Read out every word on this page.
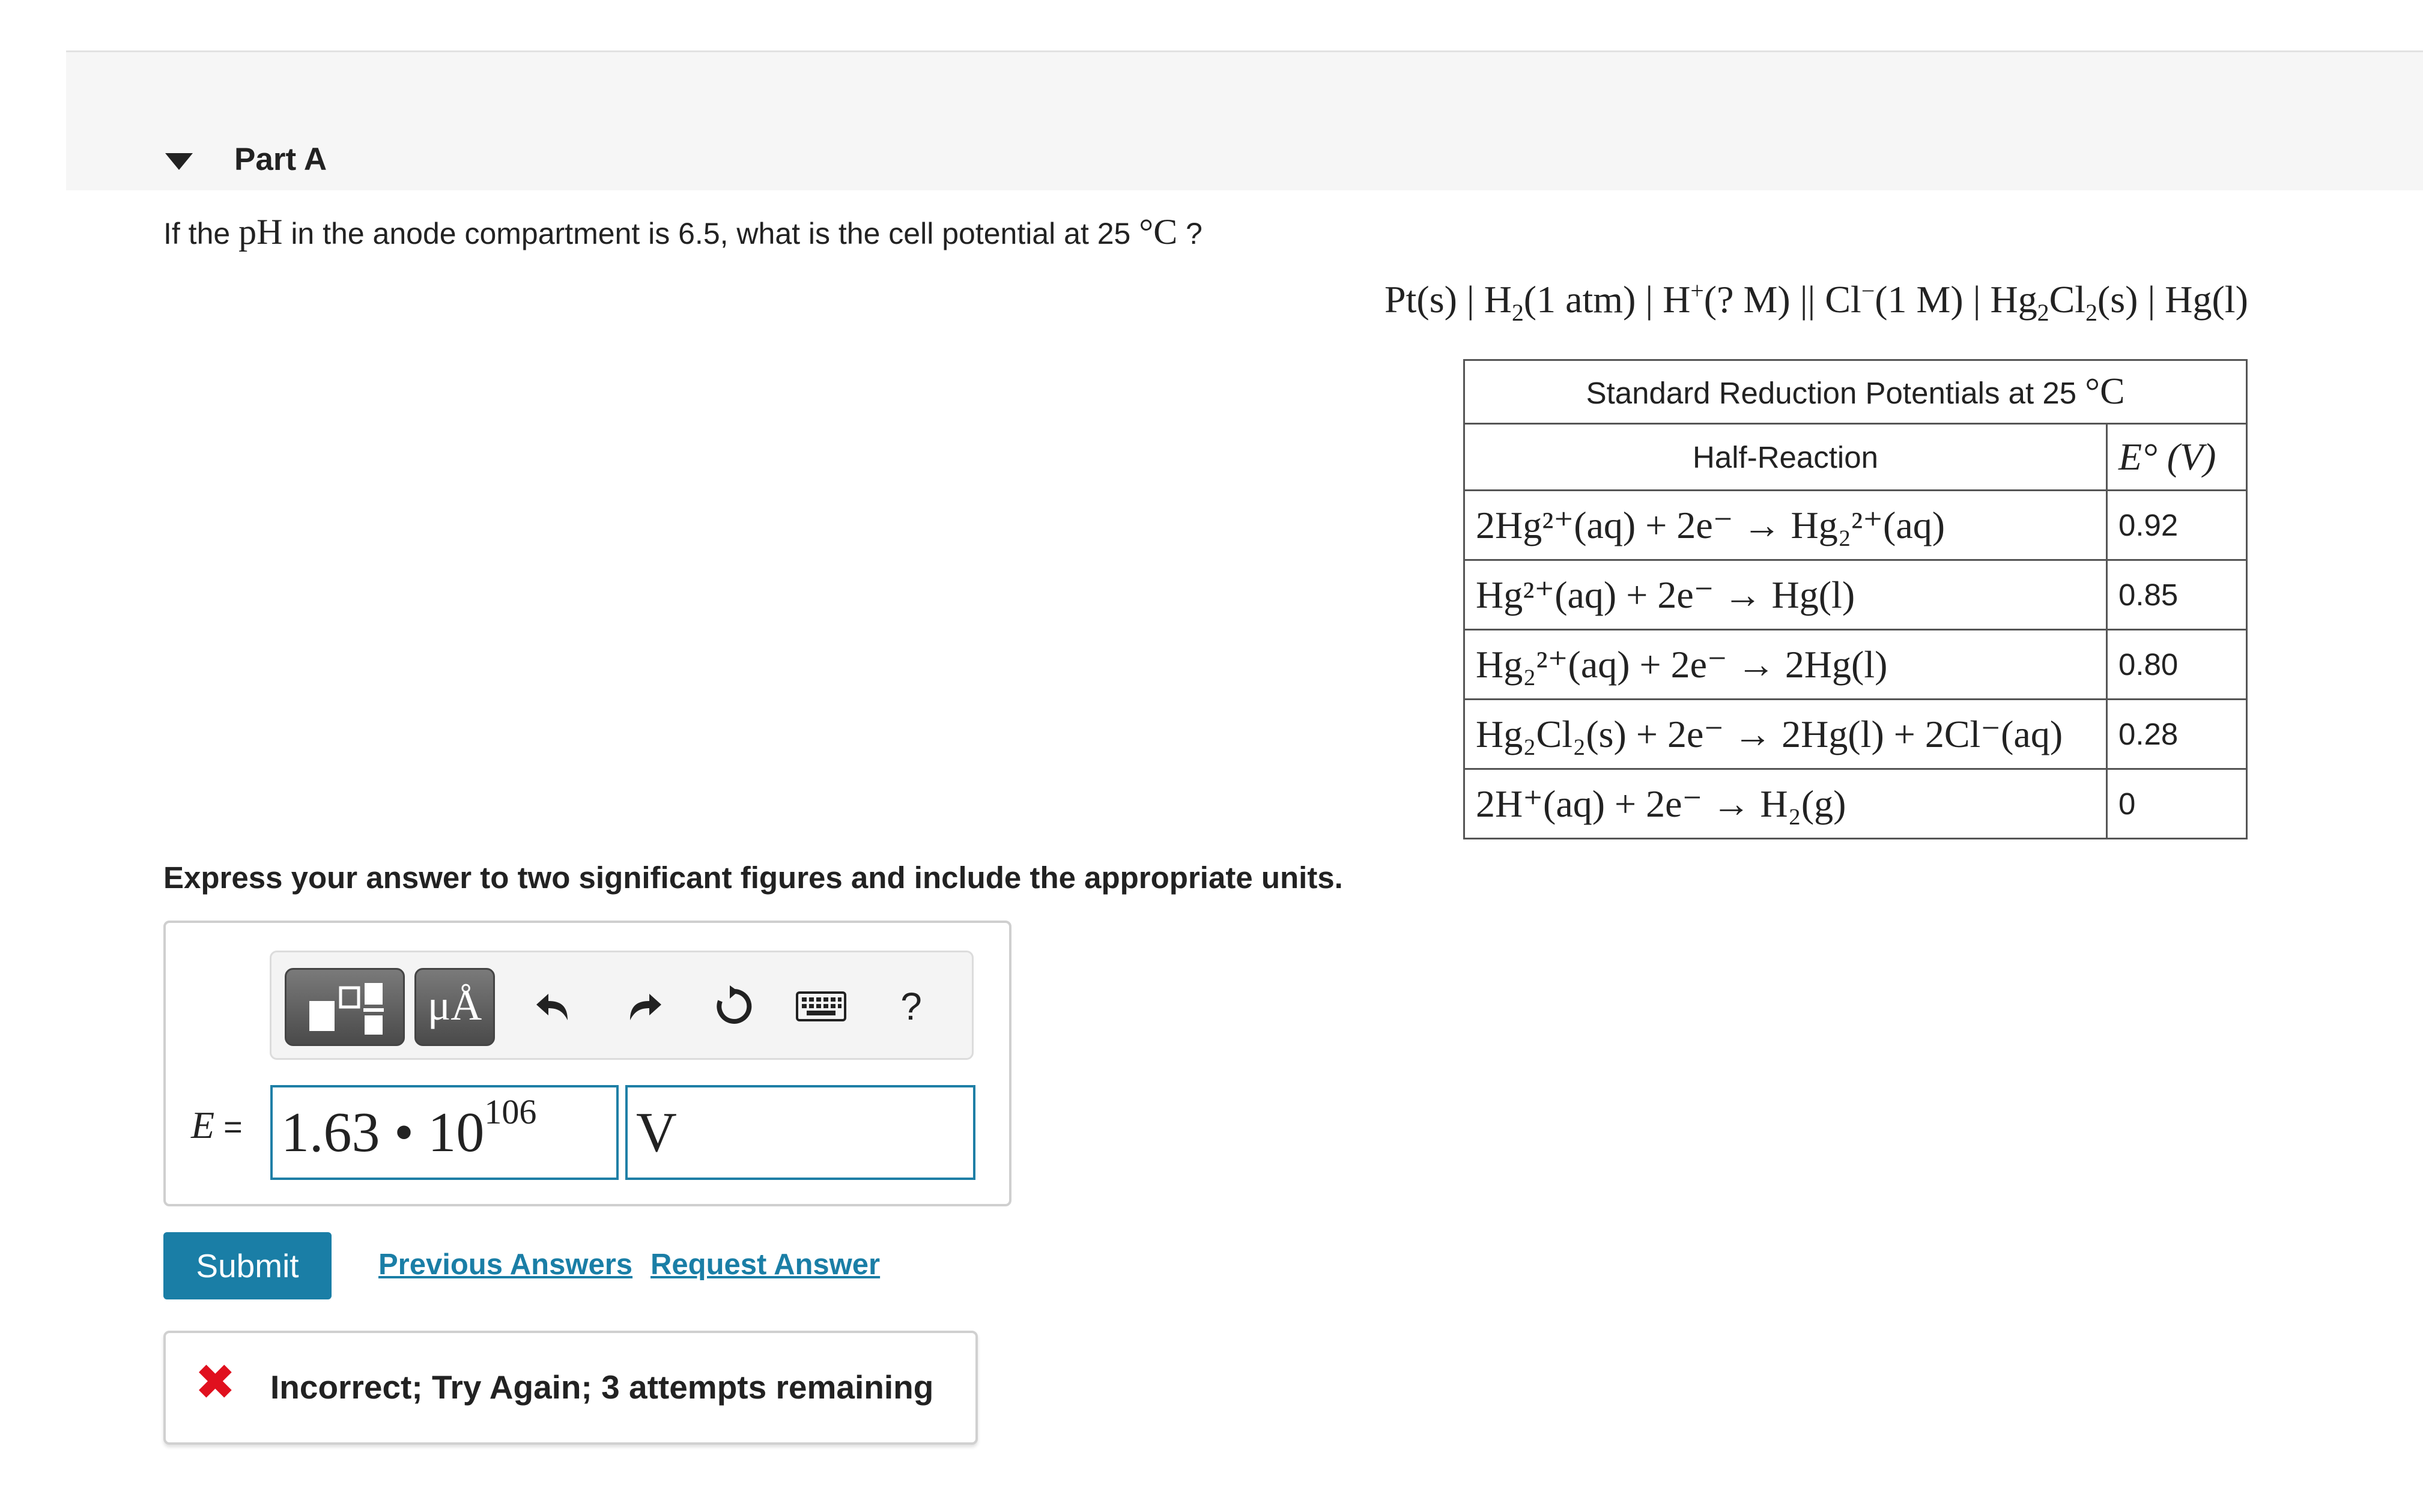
Part A
If the pH in the anode compartment is 6.5, what is the cell potential at 25 °C ?
Pt(s) | $H_2(1$ atm) | H+(? M) || Cl−(1 M) | $Hg_2Cl_2(s)$ | Hg(l)
Standard Reduction Potentials at 25 °C	
Half-Reaction	E° (V)
2Hg²⁺(aq) + 2e⁻ → Hg₂²⁺(aq)	0.92
Hg²⁺(aq) + 2e⁻ → Hg(l)	0.85
Hg₂²⁺(aq) + 2e⁻ → 2Hg(l)	0.80
Hg₂Cl₂(s) + 2e⁻ → 2Hg(l) + 2Cl⁻(aq)	0.28
2H⁺(aq) + 2e⁻ → H₂(g)	0
Express your answer to two significant figures and include the appropriate units.
μÅ	?
E = 1.63 • $10^{106}$	V
Submit	Previous Answers Request Answer
✖ Incorrect; Try Again; 3 attempts remaining
